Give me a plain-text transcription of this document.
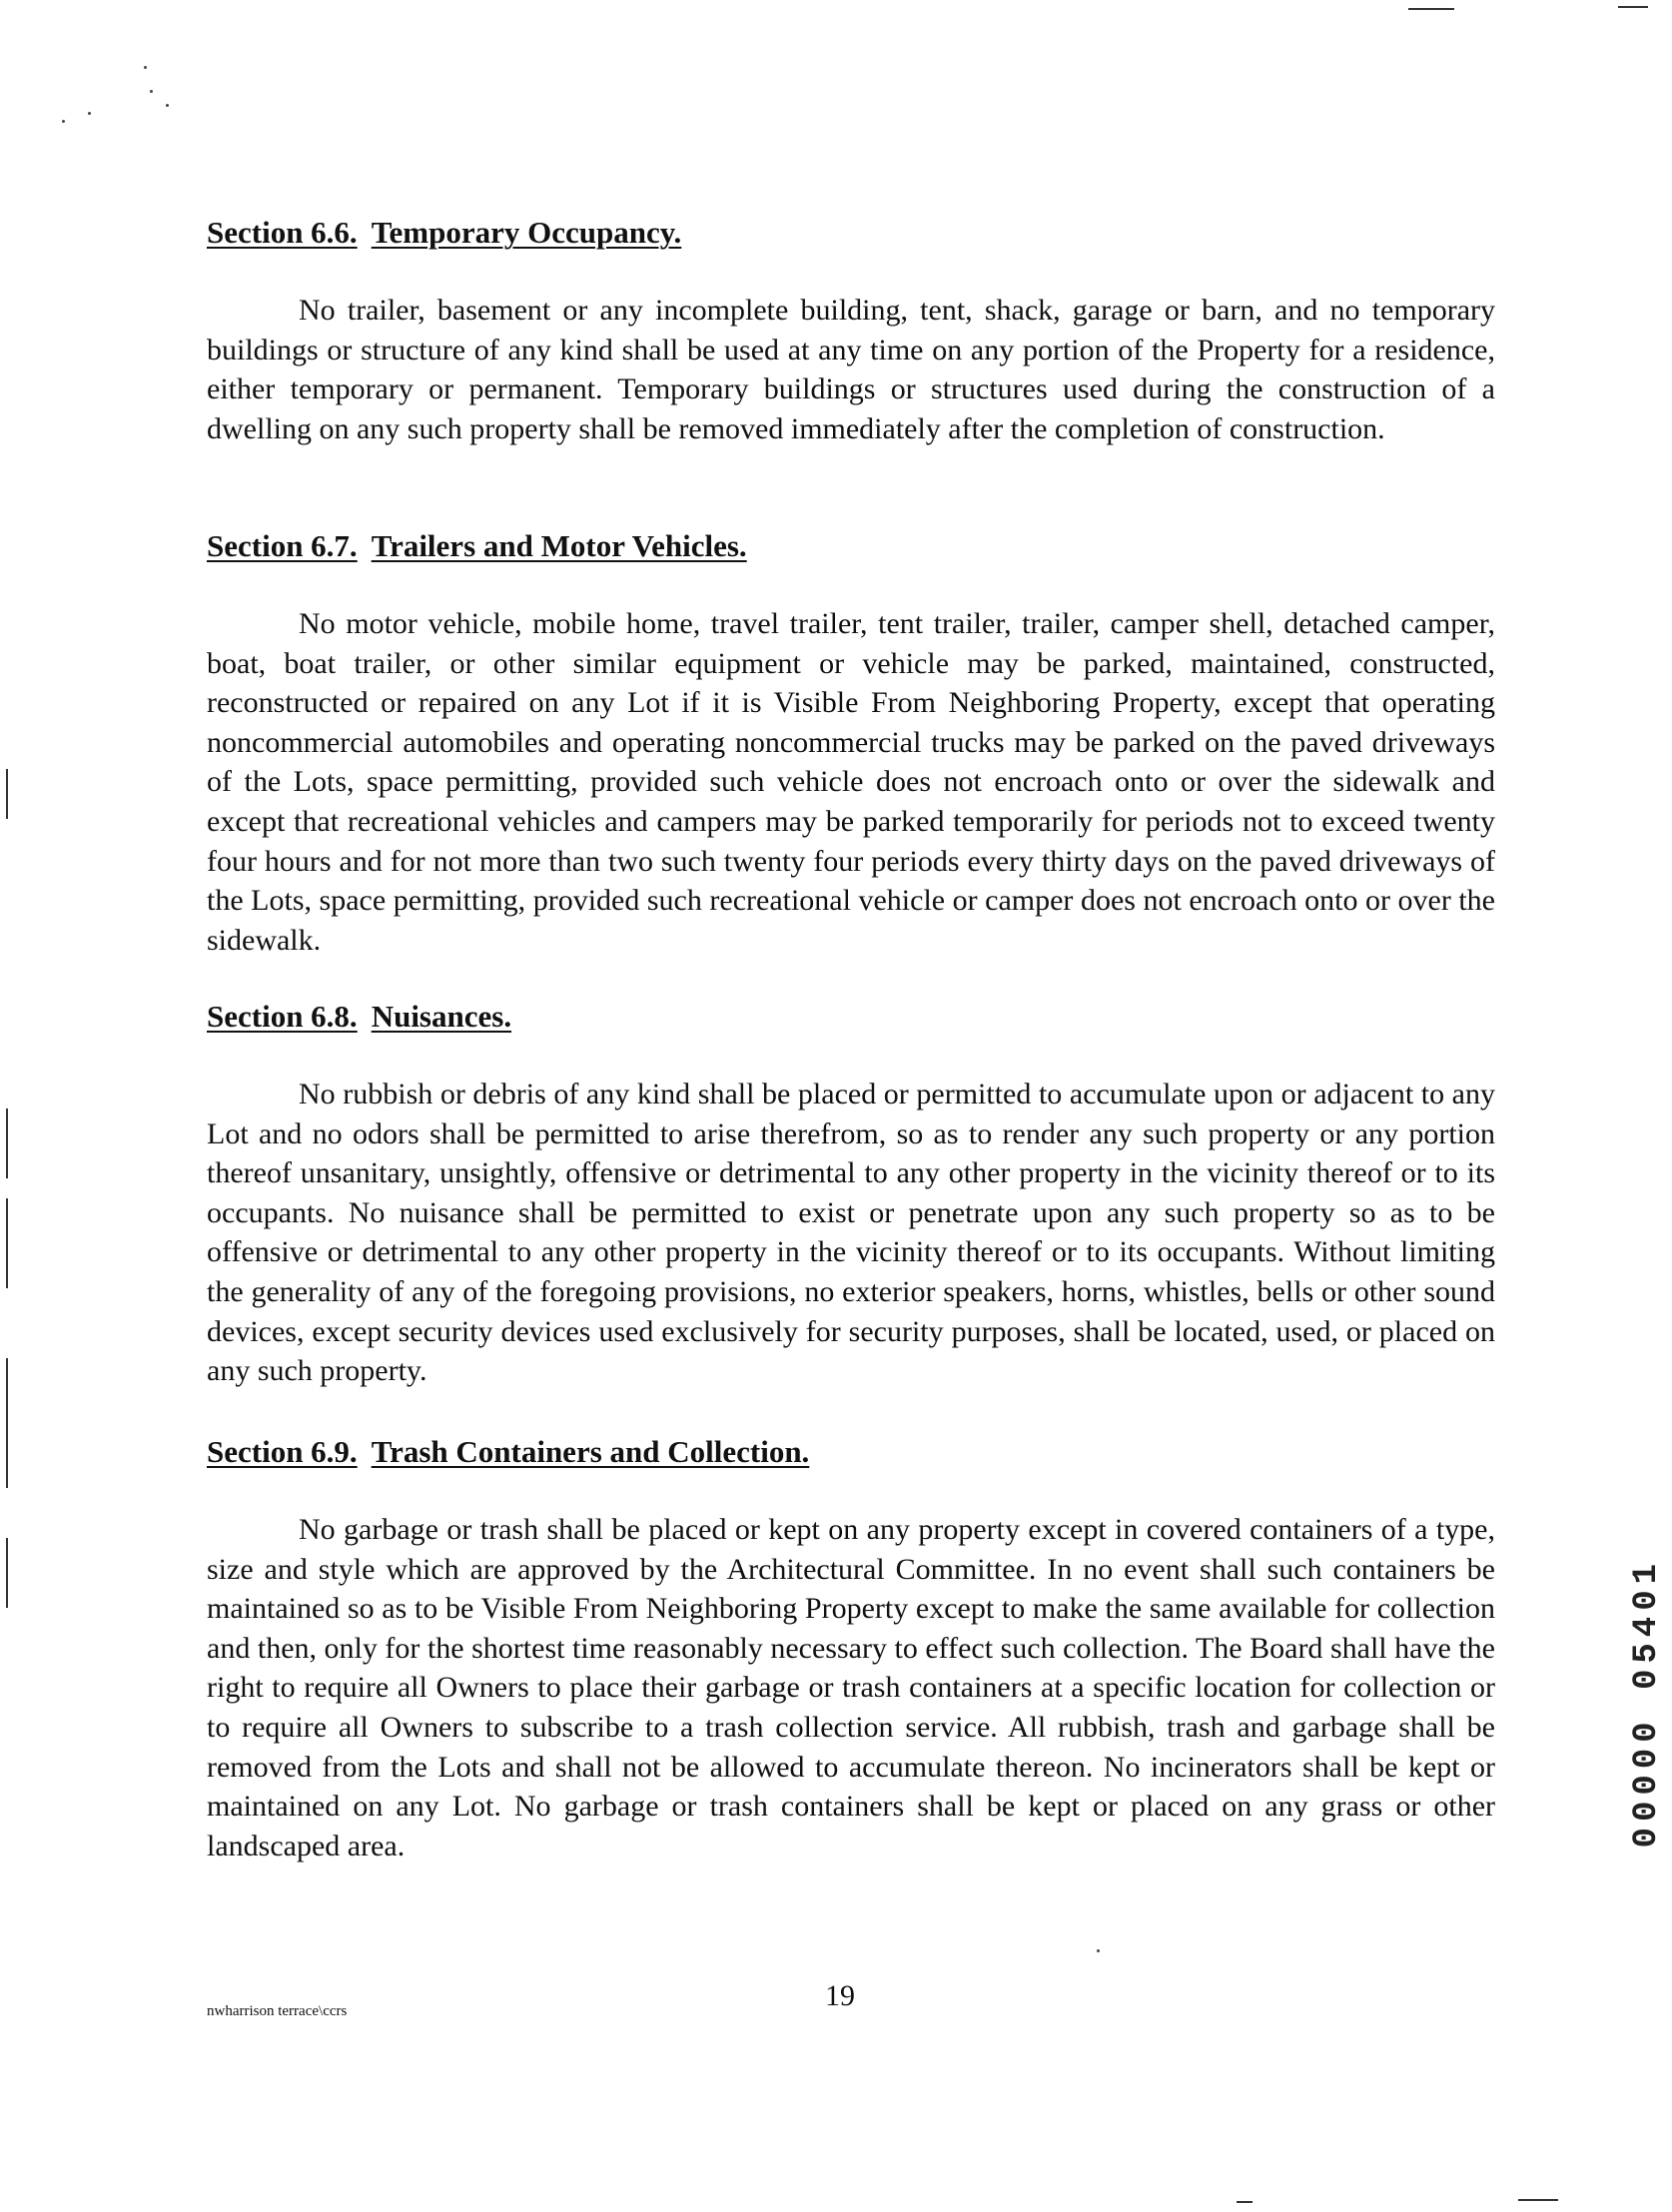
Section 6.6. Temporary Occupancy.

No trailer, basement or any incomplete building, tent, shack, garage or barn, and no temporary buildings or structure of any kind shall be used at any time on any portion of the Property for a residence, either temporary or permanent. Temporary buildings or structures used during the construction of a dwelling on any such property shall be removed immediately after the completion of construction.

Section 6.7. Trailers and Motor Vehicles.

No motor vehicle, mobile home, travel trailer, tent trailer, trailer, camper shell, detached camper, boat, boat trailer, or other similar equipment or vehicle may be parked, maintained, constructed, reconstructed or repaired on any Lot if it is Visible From Neighboring Property, except that operating noncommercial automobiles and operating noncommercial trucks may be parked on the paved driveways of the Lots, space permitting, provided such vehicle does not encroach onto or over the sidewalk and except that recreational vehicles and campers may be parked temporarily for periods not to exceed twenty four hours and for not more than two such twenty four periods every thirty days on the paved driveways of the Lots, space permitting, provided such recreational vehicle or camper does not encroach onto or over the sidewalk.

Section 6.8. Nuisances.

No rubbish or debris of any kind shall be placed or permitted to accumulate upon or adjacent to any Lot and no odors shall be permitted to arise therefrom, so as to render any such property or any portion thereof unsanitary, unsightly, offensive or detrimental to any other property in the vicinity thereof or to its occupants. No nuisance shall be permitted to exist or penetrate upon any such property so as to be offensive or detrimental to any other property in the vicinity thereof or to its occupants. Without limiting the generality of any of the foregoing provisions, no exterior speakers, horns, whistles, bells or other sound devices, except security devices used exclusively for security purposes, shall be located, used, or placed on any such property.

Section 6.9. Trash Containers and Collection.

No garbage or trash shall be placed or kept on any property except in covered containers of a type, size and style which are approved by the Architectural Committee. In no event shall such containers be maintained so as to be Visible From Neighboring Property except to make the same available for collection and then, only for the shortest time reasonably necessary to effect such collection. The Board shall have the right to require all Owners to place their garbage or trash containers at a specific location for collection or to require all Owners to subscribe to a trash collection service. All rubbish, trash and garbage shall be removed from the Lots and shall not be allowed to accumulate thereon. No incinerators shall be kept or maintained on any Lot. No garbage or trash containers shall be kept or placed on any grass or other landscaped area.	00000 05401
nwharrison terrace\ccrs	19
